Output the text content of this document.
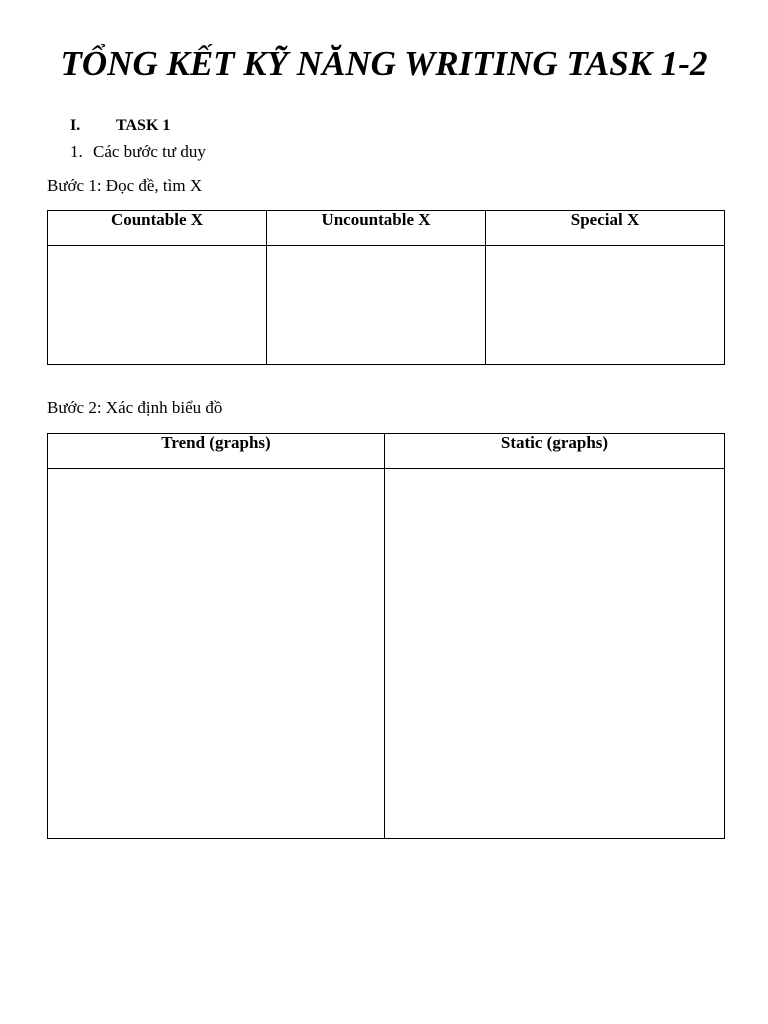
TỔNG KẾT KỸ NĂNG WRITING TASK 1-2
I. TASK 1
1. Các bước tư duy
Bước 1: Đọc đề, tìm X
Countable X	Uncountable X	Special X

Bước 2: Xác định biểu đồ
Trend (graphs)	Static (graphs)
